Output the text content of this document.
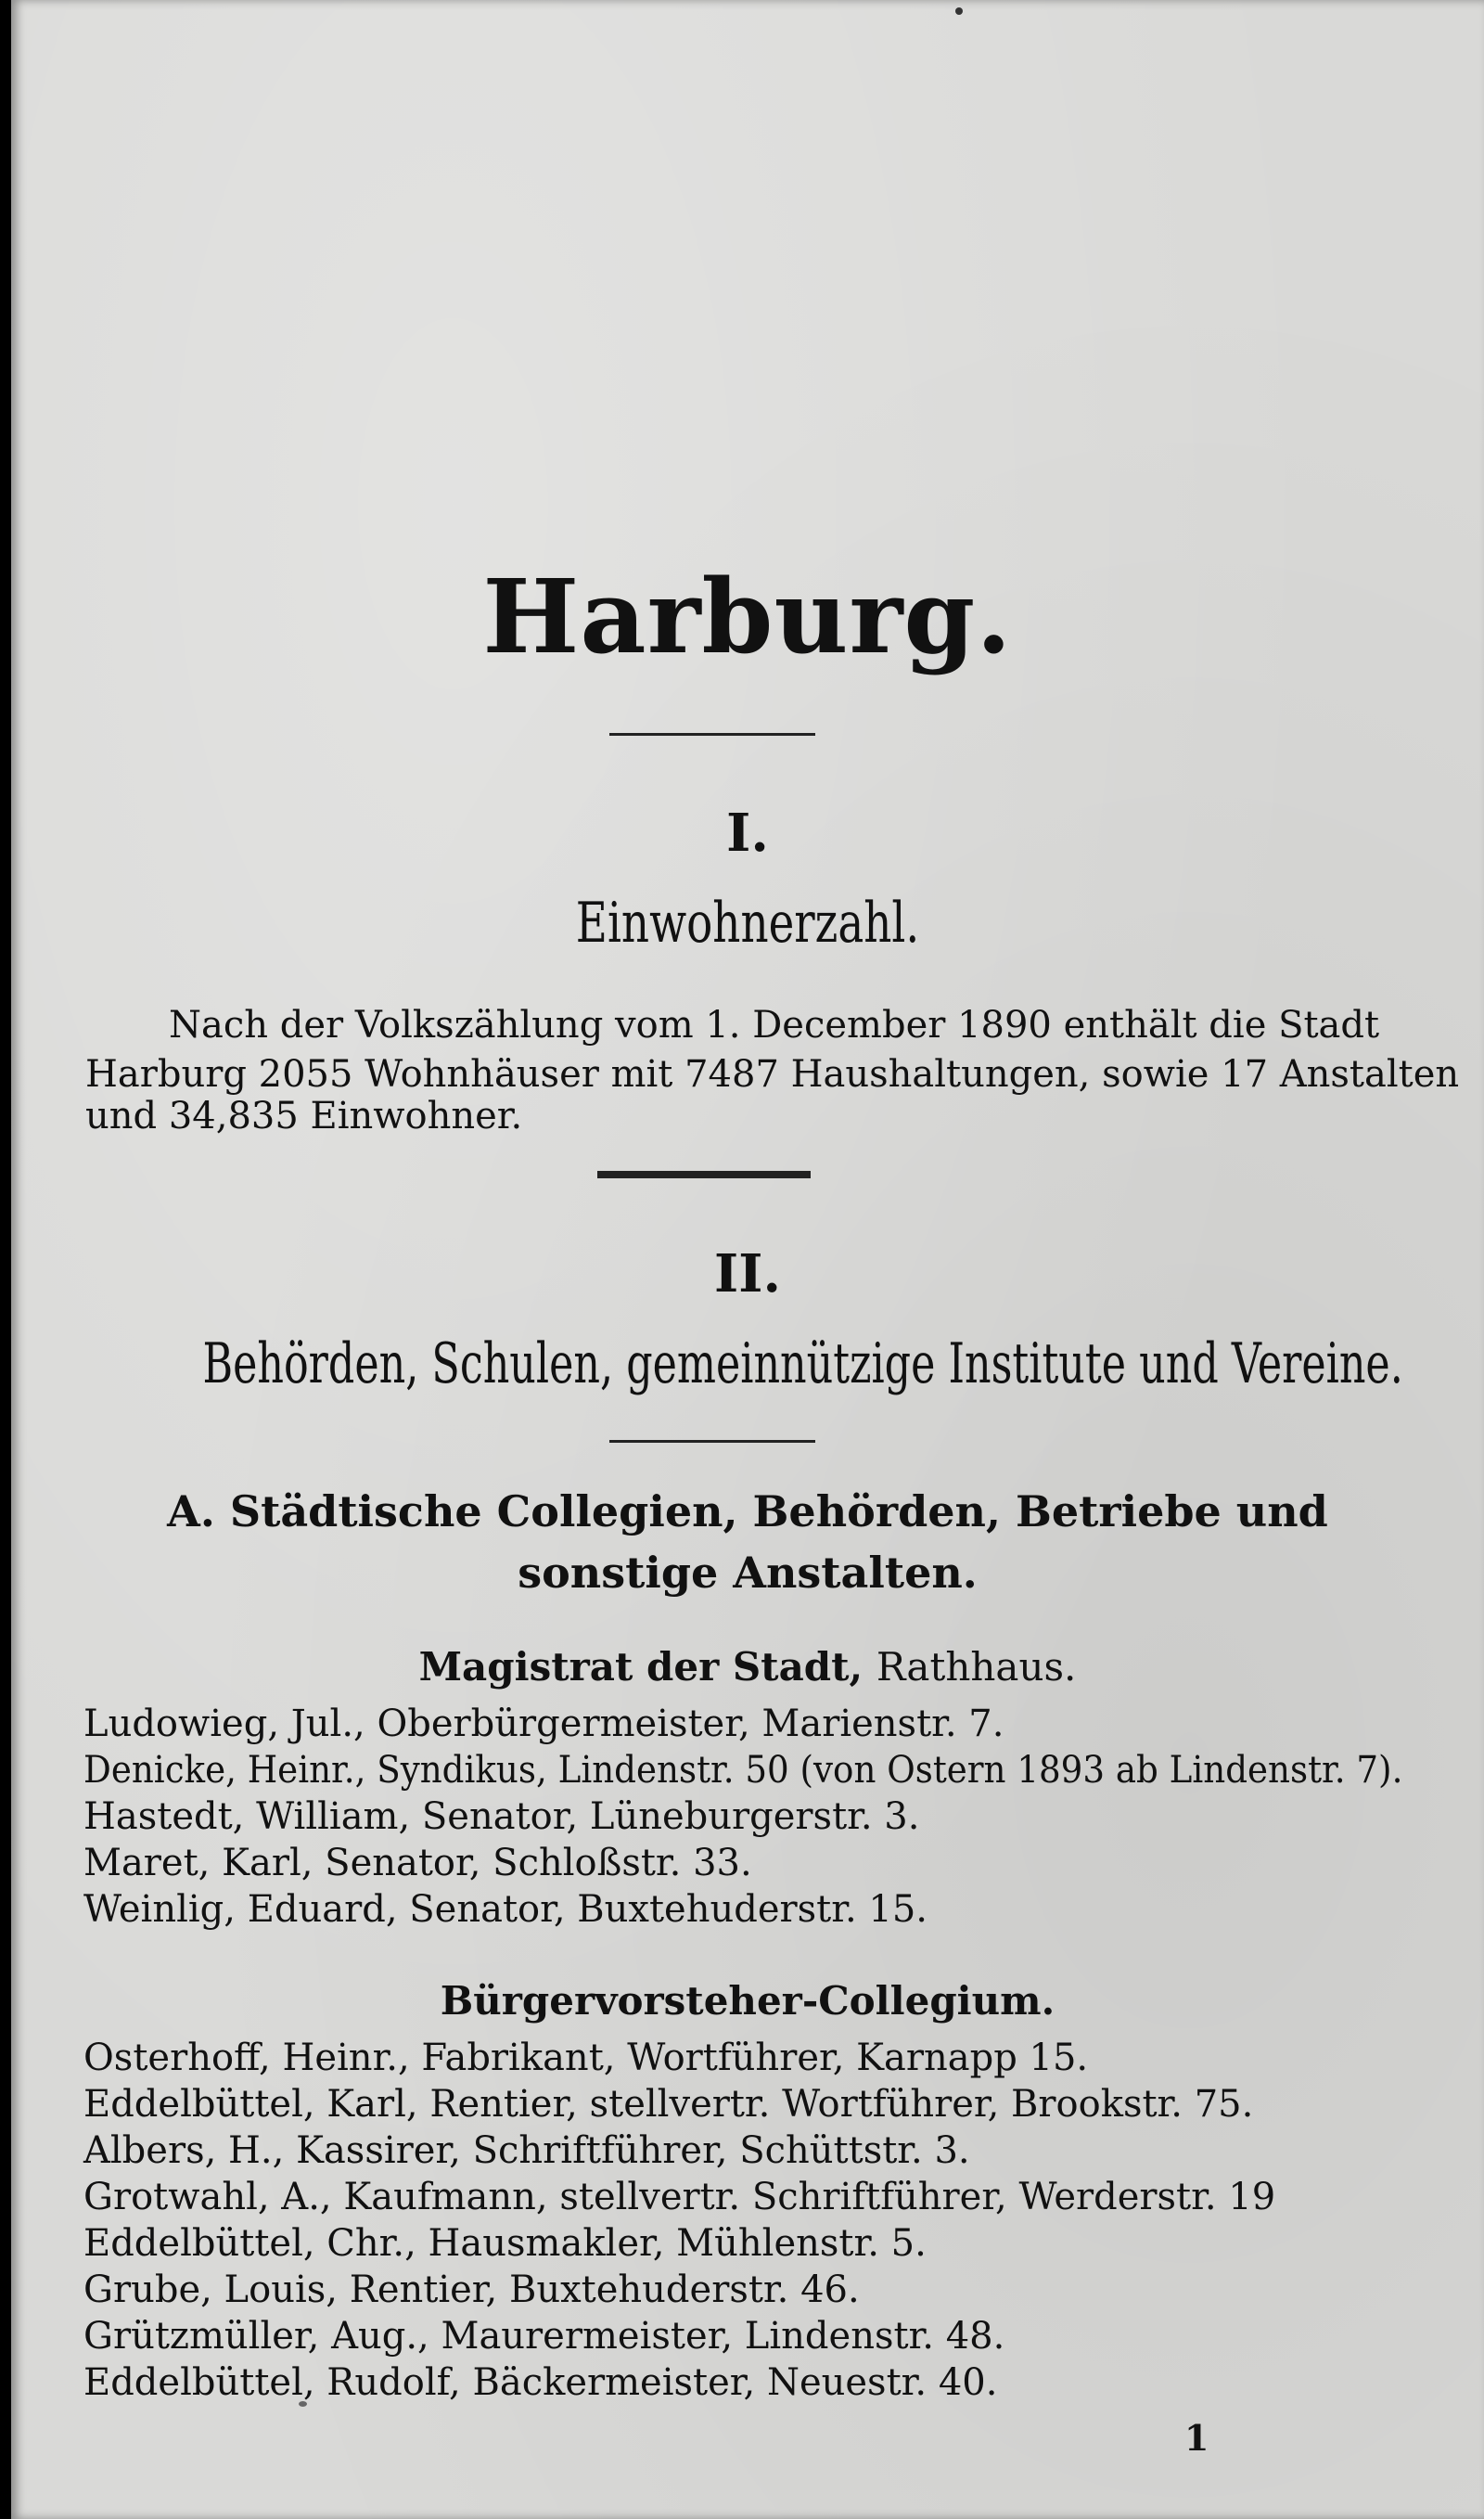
Harburg.
I.
Einwohnerzahl.
Nach der Volkszählung vom 1. December 1890 enthält die Stadt
Harburg 2055 Wohnhäuser mit 7487 Haushaltungen, sowie 17 Anstalten
und 34,835 Einwohner.
II.
Behörden, Schulen, gemeinnützige Institute und Vereine.
A. Städtische Collegien, Behörden, Betriebe und
sonstige Anstalten.
Magistrat der Stadt, Rathhaus.
Ludowieg, Jul., Oberbürgermeister, Marienstr. 7.
Denicke, Heinr., Syndikus, Lindenstr. 50 (von Ostern 1893 ab Lindenstr. 7).
Hastedt, William, Senator, Lüneburgerstr. 3.
Maret, Karl, Senator, Schloßstr. 33.
Weinlig, Eduard, Senator, Buxtehuderstr. 15.
Bürgervorsteher-Collegium.
Osterhoff, Heinr., Fabrikant, Wortführer, Karnapp 15.
Eddelbüttel, Karl, Rentier, stellvertr. Wortführer, Brookstr. 75.
Albers, H., Kassirer, Schriftführer, Schüttstr. 3.
Grotwahl, A., Kaufmann, stellvertr. Schriftführer, Werderstr. 19
Eddelbüttel, Chr., Hausmakler, Mühlenstr. 5.
Grube, Louis, Rentier, Buxtehuderstr. 46.
Grützmüller, Aug., Maurermeister, Lindenstr. 48.
Eddelbüttel, Rudolf, Bäckermeister, Neuestr. 40.
1
